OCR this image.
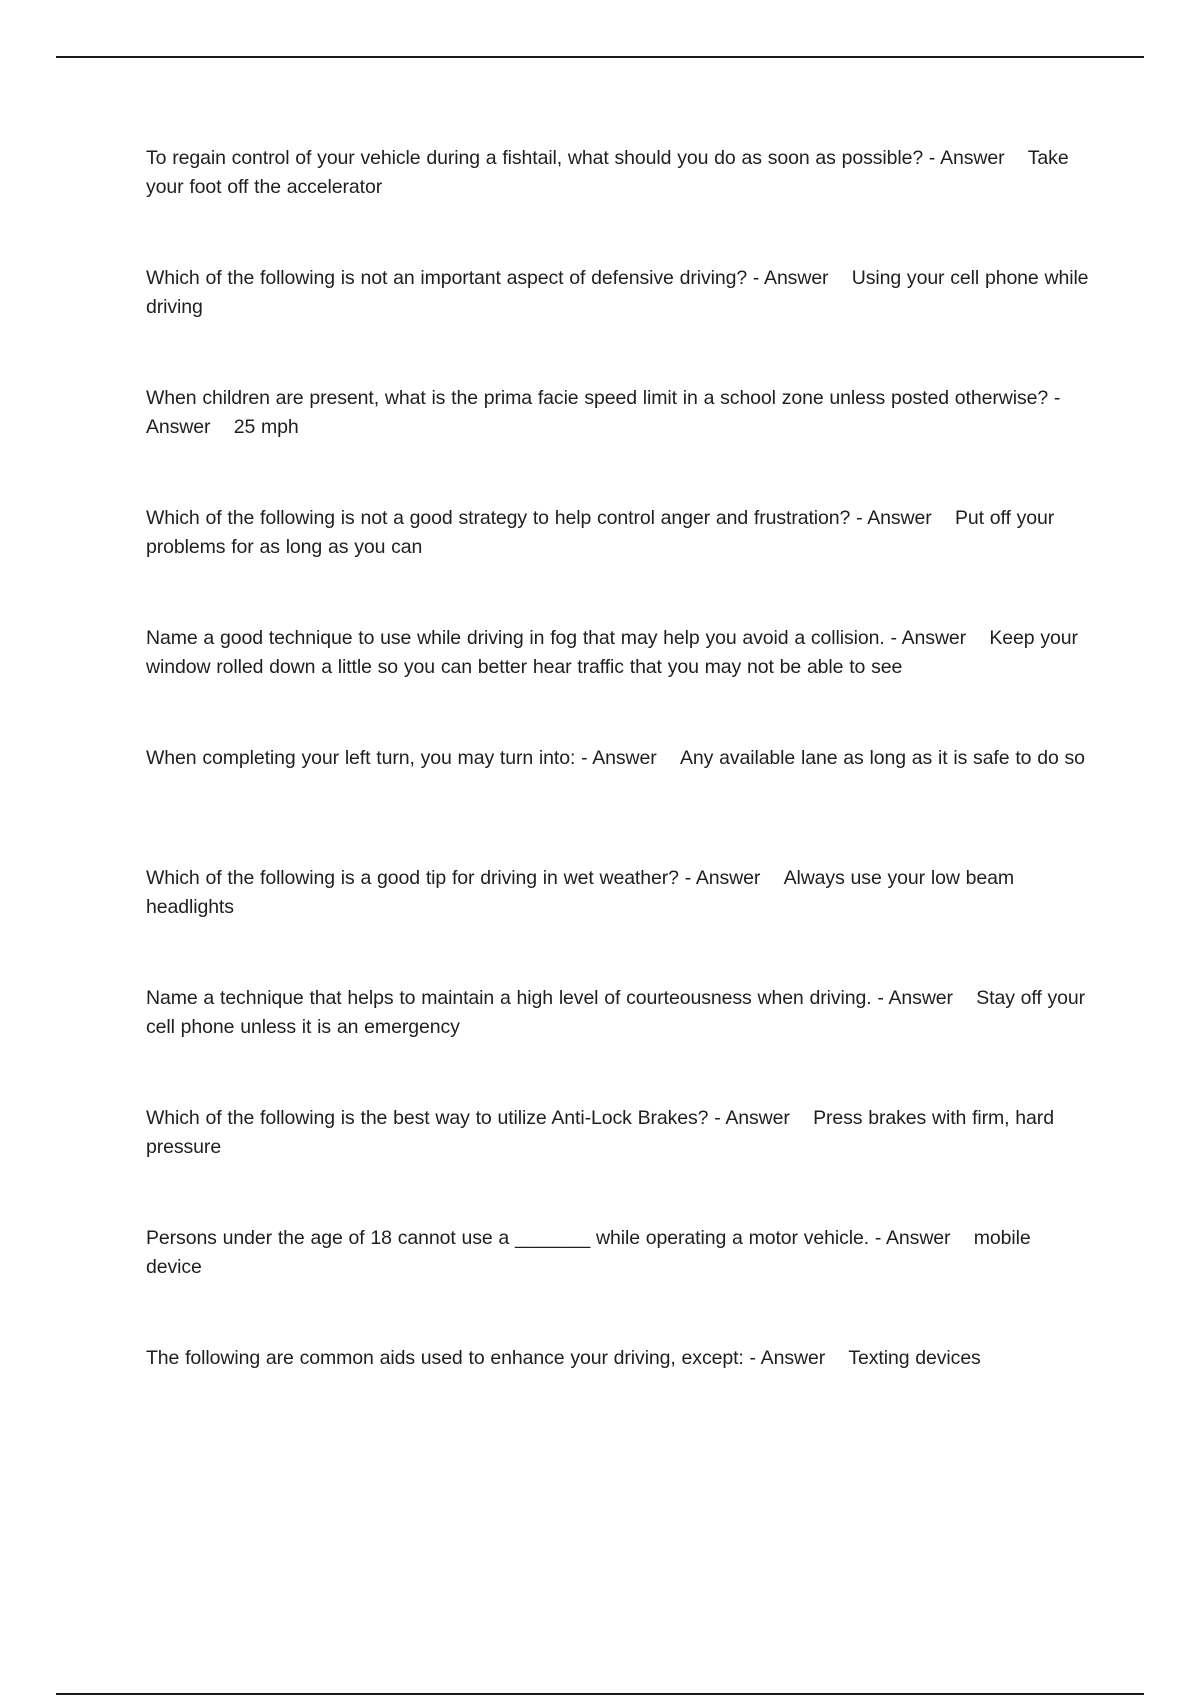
To regain control of your vehicle during a fishtail, what should you do as soon as possible? - Answer Take your foot off the accelerator
Which of the following is not an important aspect of defensive driving? - Answer Using your cell phone while driving
When children are present, what is the prima facie speed limit in a school zone unless posted otherwise? - Answer 25 mph
Which of the following is not a good strategy to help control anger and frustration? - Answer Put off your problems for as long as you can
Name a good technique to use while driving in fog that may help you avoid a collision. - Answer Keep your window rolled down a little so you can better hear traffic that you may not be able to see
When completing your left turn, you may turn into: - Answer Any available lane as long as it is safe to do so
Which of the following is a good tip for driving in wet weather? - Answer Always use your low beam headlights
Name a technique that helps to maintain a high level of courteousness when driving. - Answer Stay off your cell phone unless it is an emergency
Which of the following is the best way to utilize Anti-Lock Brakes? - Answer Press brakes with firm, hard pressure
Persons under the age of 18 cannot use a _______ while operating a motor vehicle. - Answer mobile device
The following are common aids used to enhance your driving, except: - Answer Texting devices
